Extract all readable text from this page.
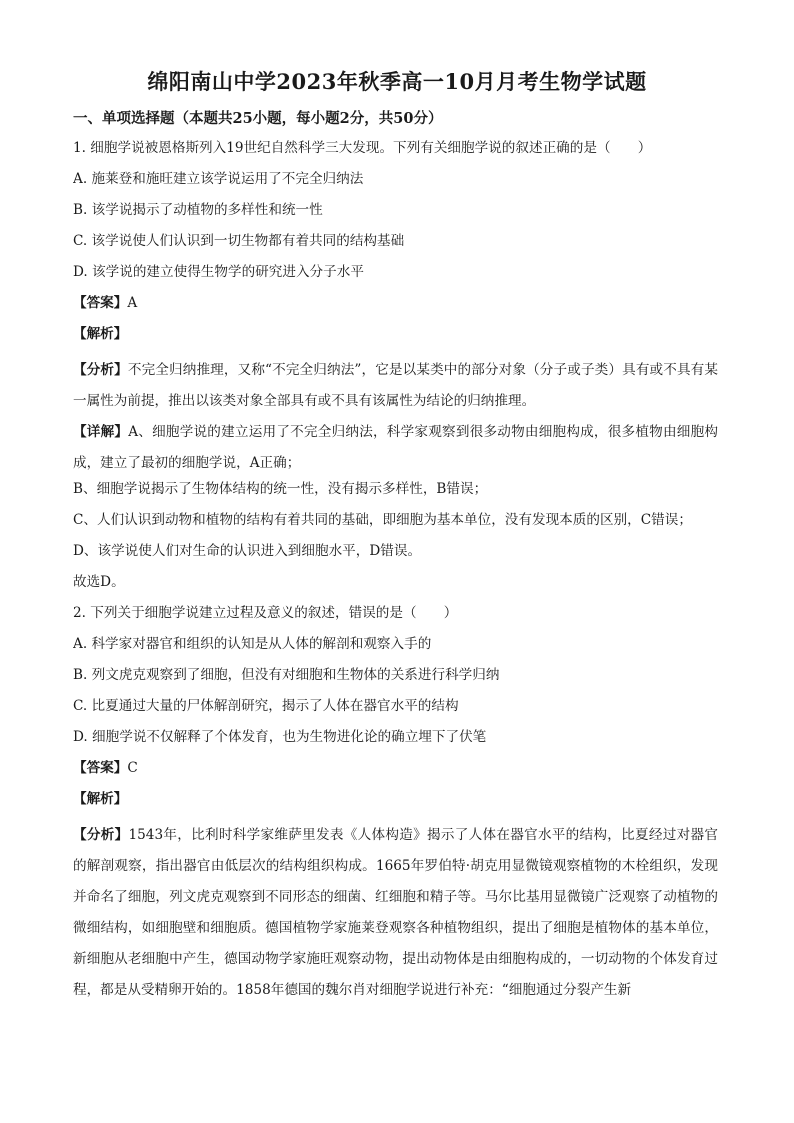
绵阳南山中学2023年秋季高一10月月考生物学试题
一、单项选择题（本题共25小题，每小题2分，共50分）
1. 细胞学说被恩格斯列入19世纪自然科学三大发现。下列有关细胞学说的叙述正确的是（　　）
A. 施莱登和施旺建立该学说运用了不完全归纳法
B. 该学说揭示了动植物的多样性和统一性
C. 该学说使人们认识到一切生物都有着共同的结构基础
D. 该学说的建立使得生物学的研究进入分子水平
【答案】A
【解析】
【分析】不完全归纳推理，又称“不完全归纳法”，它是以某类中的部分对象（分子或子类）具有或不具有某一属性为前提，推出以该类对象全部具有或不具有该属性为结论的归纳推理。
【详解】A、细胞学说的建立运用了不完全归纳法，科学家观察到很多动物由细胞构成，很多植物由细胞构成，建立了最初的细胞学说，A正确；
B、细胞学说揭示了生物体结构的统一性，没有揭示多样性，B错误；
C、人们认识到动物和植物的结构有着共同的基础，即细胞为基本单位，没有发现本质的区别，C错误；
D、该学说使人们对生命的认识进入到细胞水平，D错误。
故选D。
2. 下列关于细胞学说建立过程及意义的叙述，错误的是（　　）
A. 科学家对器官和组织的认知是从人体的解剖和观察入手的
B. 列文虎克观察到了细胞，但没有对细胞和生物体的关系进行科学归纳
C. 比夏通过大量的尸体解剖研究，揭示了人体在器官水平的结构
D. 细胞学说不仅解释了个体发育，也为生物进化论的确立埋下了伏笔
【答案】C
【解析】
【分析】1543年，比利时科学家维萨里发表《人体构造》揭示了人体在器官水平的结构，比夏经过对器官的解剖观察，指出器官由低层次的结构组织构成。1665年罗伯特·胡克用显微镜观察植物的木栓组织，发现并命名了细胞，列文虎克观察到不同形态的细菌、红细胞和精子等。马尔比基用显微镜广泛观察了动植物的微细结构，如细胞壁和细胞质。德国植物学家施莱登观察各种植物组织，提出了细胞是植物体的基本单位，新细胞从老细胞中产生，德国动物学家施旺观察动物，提出动物体是由细胞构成的，一切动物的个体发育过程，都是从受精卵开始的。1858年德国的魏尔肖对细胞学说进行补充：“细胞通过分裂产生新
